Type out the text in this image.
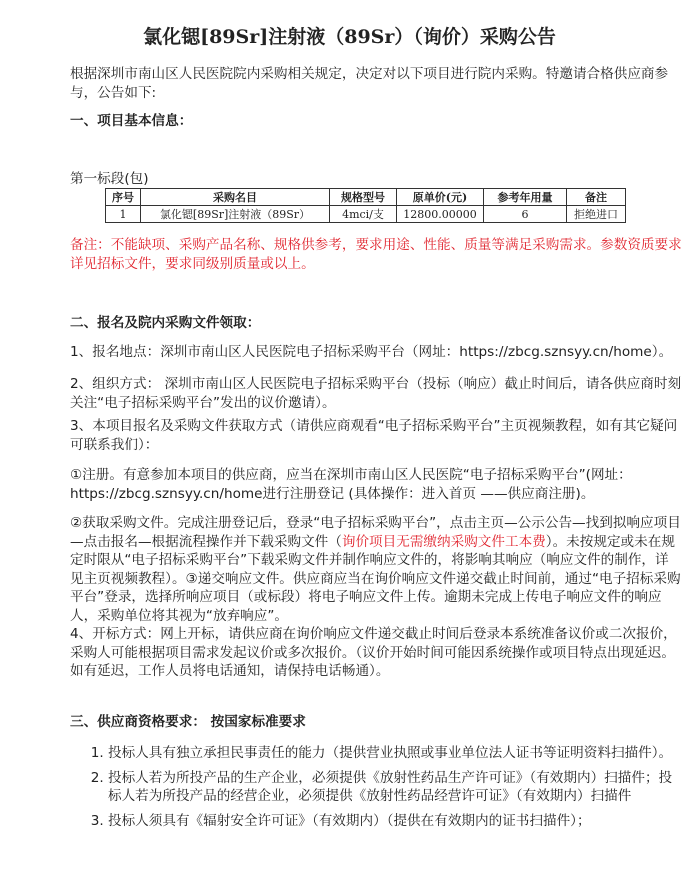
氯化锶[89Sr]注射液（89Sr）（询价）采购公告
根据深圳市南山区人民医院院内采购相关规定，决定对以下项目进行院内采购。特邀请合格供应商参与，公告如下:
一、项目基本信息：
第一标段(包)
序号	采购名目	规格型号	原单价(元)	参考年用量	备注
1	氯化锶[89Sr]注射液（89Sr）	4mci/支	12800.00000	6	拒绝进口
备注：不能缺项、采购产品名称、规格供参考，要求用途、性能、质量等满足采购需求。参数资质要求详见招标文件，要求同级别质量或以上。
二、报名及院内采购文件领取：
1、报名地点：深圳市南山区人民医院电子招标采购平台（网址：https://zbcg.sznsyy.cn/home）。
2、组织方式： 深圳市南山区人民医院电子招标采购平台（投标（响应）截止时间后，请各供应商时刻关注“电子招标采购平台”发出的议价邀请）。
3、本项目报名及采购文件获取方式（请供应商观看“电子招标采购平台”主页视频教程，如有其它疑问可联系我们）：
①注册。有意参加本项目的供应商，应当在深圳市南山区人民医院“电子招标采购平台”(网址：https://zbcg.sznsyy.cn/home进行注册登记 (具体操作：进入首页 ——供应商注册)。
②获取采购文件。完成注册登记后，登录“电子招标采购平台”，点击主页—公示公告—找到拟响应项目—点击报名—根据流程操作并下载采购文件（询价项目无需缴纳采购文件工本费）。未按规定或未在规定时限从“电子招标采购平台”下载采购文件并制作响应文件的，将影响其响应（响应文件的制作，详见主页视频教程）。③递交响应文件。供应商应当在询价响应文件递交截止时间前，通过“电子招标采购平台”登录，选择所响应项目（或标段）将电子响应文件上传。逾期未完成上传电子响应文件的响应人，采购单位将其视为“放弃响应”。
4、开标方式：网上开标，请供应商在询价响应文件递交截止时间后登录本系统准备议价或二次报价，采购人可能根据项目需求发起议价或多次报价。（议价开始时间可能因系统操作或项目特点出现延迟。如有延迟，工作人员将电话通知，请保持电话畅通）。
三、供应商资格要求： 按国家标准要求
1. 投标人具有独立承担民事责任的能力（提供营业执照或事业单位法人证书等证明资料扫描件）。
2. 投标人若为所投产品的生产企业，必须提供《放射性药品生产许可证》（有效期内）扫描件；投标人若为所投产品的经营企业，必须提供《放射性药品经营许可证》（有效期内）扫描件
3. 投标人须具有《辐射安全许可证》（有效期内）（提供在有效期内的证书扫描件）；
